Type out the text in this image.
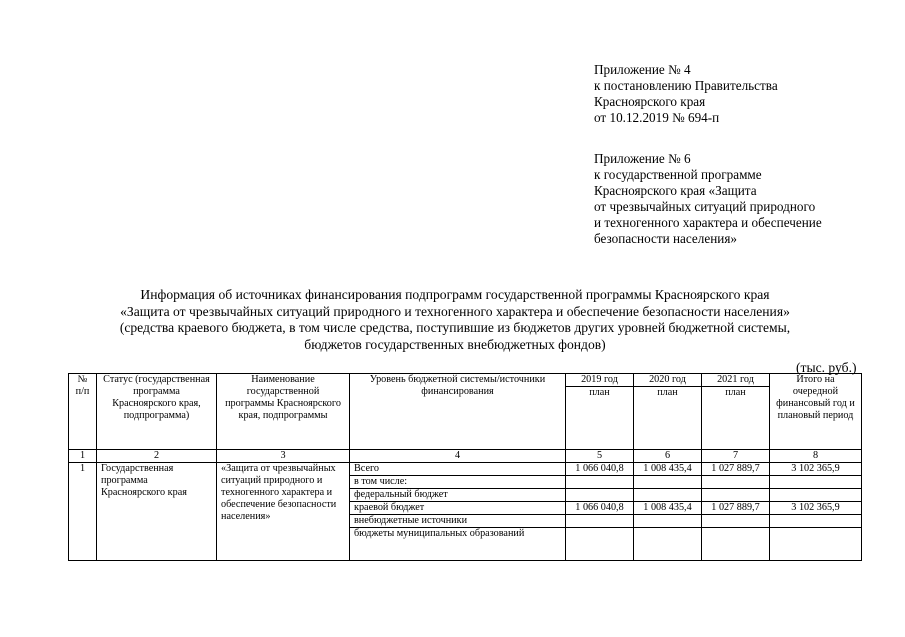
Приложение № 4
к постановлению Правительства
Красноярского края
от 10.12.2019 № 694-п
Приложение № 6
к государственной программе
Красноярского края «Защита
от чрезвычайных ситуаций природного
и техногенного характера и обеспечение
безопасности населения»
Информация об источниках финансирования подпрограмм государственной программы Красноярского края
«Защита от чрезвычайных ситуаций природного и техногенного характера и обеспечение безопасности населения»
(средства краевого бюджета, в том числе средства, поступившие из бюджетов других уровней бюджетной системы,
бюджетов государственных внебюджетных фондов)
(тыс. руб.)
№ п/п	Статус (государственная программа Красноярского края, подпрограмма)	Наименование государственной программы Красноярского края, подпрограммы	Уровень бюджетной системы/источники финансирования	2019 год	2020 год	2021 год	Итого на очередной финансовый год и плановый период
				план	план	план	
1	2	3	4	5	6	7	8
1	Государственная программа Красноярского края	«Защита от чрезвычайных ситуаций природного и техногенного характера и обеспечение безопасности населения»	Всего	1 066 040,8	1 008 435,4	1 027 889,7	3 102 365,9
			в том числе:				
			федеральный бюджет				
			краевой бюджет	1 066 040,8	1 008 435,4	1 027 889,7	3 102 365,9
			внебюджетные источники				
			бюджеты муниципальных образований				
